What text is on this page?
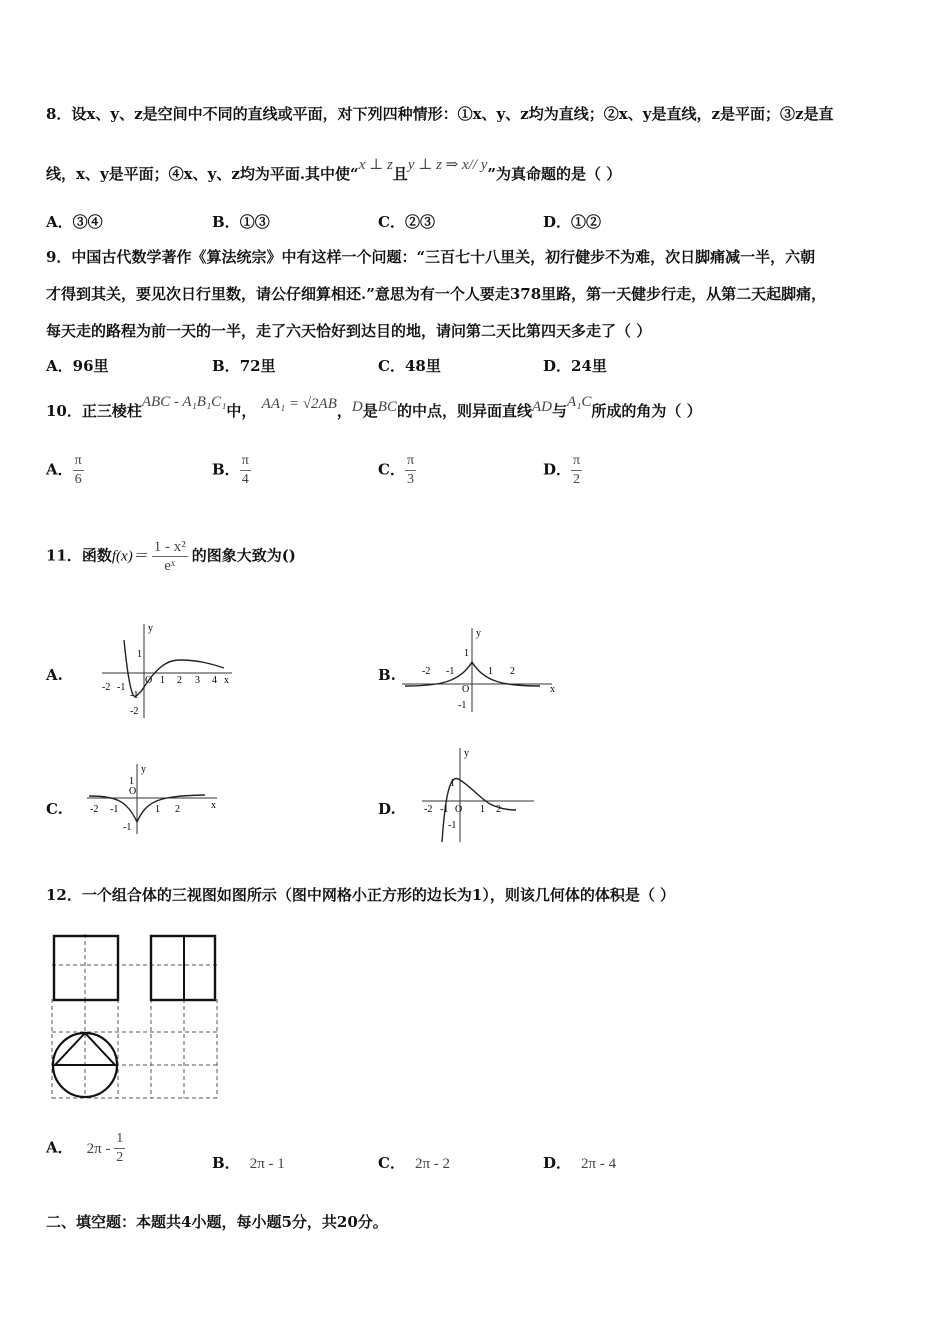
8．设x、y、z是空间中不同的直线或平面，对下列四种情形：①x、y、z均为直线；②x、y是直线，z是平面；③z是直
线，x、y是平面；④x、y、z均为平面.其中使“x ⊥ z且y ⊥ z ⇒ x// y”为真命题的是（ ）
A．③④	B．①③	C．②③	D．①②
9．中国古代数学著作《算法统宗》中有这样一个问题：“三百七十八里关，初行健步不为难，次日脚痛减一半，六朝
才得到其关，要见次日行里数，请公仔细算相还.”意思为有一个人要走378里路，第一天健步行走，从第二天起脚痛，
每天走的路程为前一天的一半，走了六天恰好到达目的地，请问第二天比第四天多走了（ ）
A．96里	B．72里	C．48里	D．24里
10．正三棱柱ABC - A₁B₁C₁中， AA₁ = √2AB，D是BC的中点，则异面直线AD与A₁C所成的角为（ ）
A． $\frac{\pi}{6}$	B． $\frac{\pi}{4}$	C． $\frac{\pi}{3}$	D． $\frac{\pi}{2}$
11．函数$f(x)= \frac{\text{1 - x²}}{\text{eˣ}}$ 的图象大致为()
A.
-2 -1
O 1 2 3 4 x
y
1
-1
-2
B.	-2 -1
O
1 2
x
y
1
-1
C.	-2 -1
O
1 2	x
y
1
-1
D.	-2 -1 O 1 2
y
1
-1
12．一个组合体的三视图如图所示（图中网格小正方形的边长为1），则该几何体的体积是（ ）
A． $2\pi - \frac{1}{2}$	B． 2π - 1	C． 2π - 2	D． 2π - 4
二、填空题：本题共4小题，每小题5分，共20分。
